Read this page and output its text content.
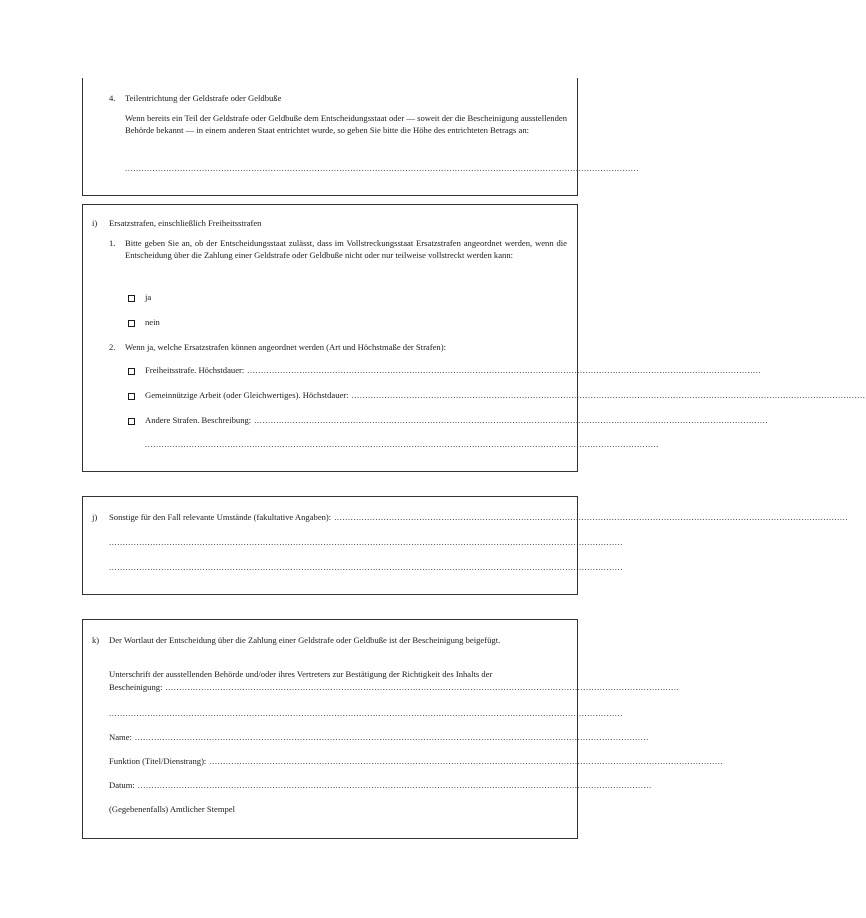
4. Teilentrichtung der Geldstrafe oder Geldbuße
Wenn bereits ein Teil der Geldstrafe oder Geldbuße dem Entscheidungsstaat oder — soweit der die Bescheinigung ausstellenden Behörde bekannt — in einem anderen Staat entrichtet wurde, so geben Sie bitte die Höhe des entrichteten Betrags an:
...........................................................................................................................................................................................
i) Ersatzstrafen, einschließlich Freiheitsstrafen
1. Bitte geben Sie an, ob der Entscheidungsstaat zulässt, dass im Vollstreckungsstaat Ersatzstrafen angeordnet werden, wenn die Entscheidung über die Zahlung einer Geldstrafe oder Geldbuße nicht oder nur teilweise vollstreckt werden kann:
ja
nein
2. Wenn ja, welche Ersatzstrafen können angeordnet werden (Art und Höchstmaße der Strafen):
Freiheitsstrafe. Höchstdauer: ...........................................................................................................................................................................................
Gemeinnützige Arbeit (oder Gleichwertiges). Höchstdauer: ...........................................................................................................................................................................................
Andere Strafen. Beschreibung: ...........................................................................................................................................................................................
...........................................................................................................................................................................................
j) Sonstige für den Fall relevante Umstände (fakultative Angaben): ...........................................................................................................................................................................................
...........................................................................................................................................................................................
...........................................................................................................................................................................................
k) Der Wortlaut der Entscheidung über die Zahlung einer Geldstrafe oder Geldbuße ist der Bescheinigung beigefügt.
Unterschrift der ausstellenden Behörde und/oder ihres Vertreters zur Bestätigung der Richtigkeit des Inhalts der
Bescheinigung: ...........................................................................................................................................................................................
...........................................................................................................................................................................................
Name: ...........................................................................................................................................................................................
Funktion (Titel/Dienstrang): ...........................................................................................................................................................................................
Datum: ...........................................................................................................................................................................................
(Gegebenenfalls) Amtlicher Stempel
